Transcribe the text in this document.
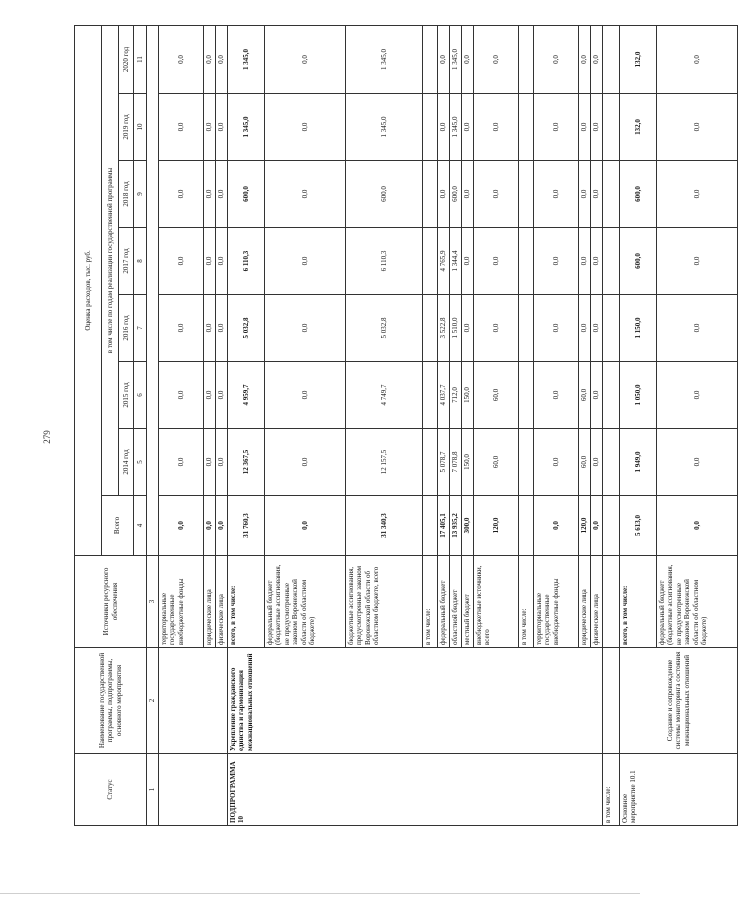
279
Статус	Наименование государственной программы, подпрограммы, основного мероприятия	Источники ресурсного обеспечения	Оценка расходов, тыс. руб.							
			Всего	в том числе по годам реализации государственной программы						
				2014 год	2015 год	2016 год	2017 год	2018 год	2019 год	2020 год
			4	5	6	7	8	9	10	11
1	2	3								
		территориальные государственные внебюджетные фонды	0,0	0,0	0,0	0,0	0,0	0,0	0,0	0,0
		юридические лица	0,0	0,0	0,0	0,0	0,0	0,0	0,0	0,0
		физические лица	0,0	0,0	0,0	0,0	0,0	0,0	0,0	0,0
ПОДПРОГРАММА 10	Укрепление гражданского единства и гармонизация межнациональных отношений	всего, в том числе:	31 760,3	12 367,5	4 959,7	5 032,8	6 110,3	600,0	1 345,0	1 345,0
		федеральный бюджет (бюджетные ассигнования, не предусмотренные законом Воронежской области об областном бюджете)	0,0	0,0	0,0	0,0	0,0	0,0	0,0	0,0
		бюджетные ассигнования, предусмотренные законом Воронежской области об областном бюджете, всего	31 340,3	12 157,5	4 749,7	5 032,8	6 110,3	600,0	1 345,0	1 345,0
		в том числе:								
		федеральный бюджет	17 405,1	5 078,7	4 037,7	3 522,8	4 765,9	0,0	0,0	0,0
		областной бюджет	13 935,2	7 078,8	712,0	1 510,0	1 344,4	600,0	1 345,0	1 345,0
		местный бюджет	300,0	150,0	150,0	0,0	0,0	0,0	0,0	0,0
		внебюджетные источники, всего	120,0	60,0	60,0	0,0	0,0	0,0	0,0	0,0
		в том числе:								
		территориальные государственные внебюджетные фонды	0,0	0,0	0,0	0,0	0,0	0,0	0,0	0,0
		юридические лица	120,0	60,0	60,0	0,0	0,0	0,0	0,0	0,0
		физические лица	0,0	0,0	0,0	0,0	0,0	0,0	0,0	0,0
в том числе:										
Основное мероприятие 10.1	Создание и сопровождение системы мониторинга состояния межнациональных отношений	всего, в том числе:	5 613,0	1 949,0	1 050,0	1 150,0	600,0	600,0	132,0	132,0
		федеральный бюджет (бюджетные ассигнования, не предусмотренные законом Воронежской области об областном бюджете)	0,0	0,0	0,0	0,0	0,0	0,0	0,0	0,0
